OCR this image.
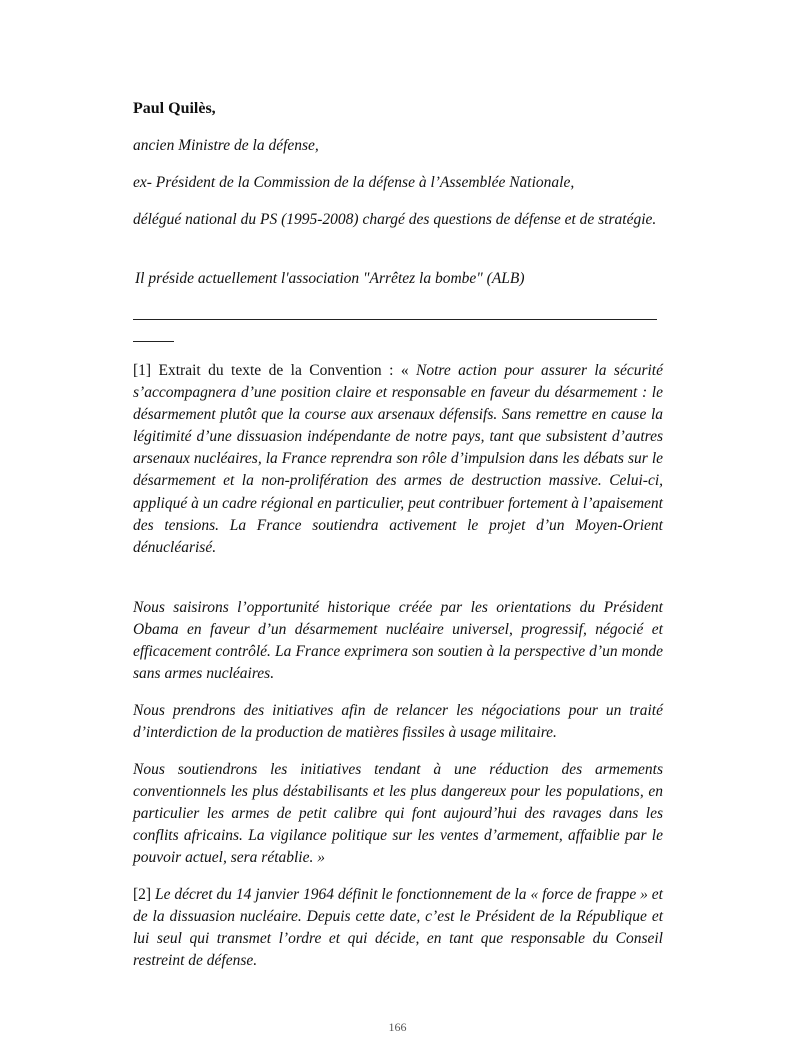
Paul Quilès,

ancien Ministre de la défense,

ex- Président de la Commission de la défense à l’Assemblée Nationale,

délégué national du PS (1995-2008) chargé des questions de défense et de stratégie.

Il préside actuellement l'association "Arrêtez la bombe" (ALB)

[1] Extrait du texte de la Convention : « Notre action pour assurer la sécurité s’accompagnera d’une position claire et responsable en faveur du désarmement : le désarmement plutôt que la course aux arsenaux défensifs. Sans remettre en cause la légitimité d’une dissuasion indépendante de notre pays, tant que subsistent d’autres arsenaux nucléaires, la France reprendra son rôle d’impulsion dans les débats sur le désarmement et la non-prolifération des armes de destruction massive. Celui-ci, appliqué à un cadre régional en particulier, peut contribuer fortement à l’apaisement des tensions. La France soutiendra activement le projet d’un Moyen-Orient dénucléarisé.

Nous saisirons l’opportunité historique créée par les orientations du Président Obama en faveur d’un désarmement nucléaire universel, progressif, négocié et efficacement contrôlé. La France exprimera son soutien à la perspective d’un monde sans armes nucléaires.

Nous prendrons des initiatives afin de relancer les négociations pour un traité d’interdiction de la production de matières fissiles à usage militaire.

Nous soutiendrons les initiatives tendant à une réduction des armements conventionnels les plus déstabilisants et les plus dangereux pour les populations, en particulier les armes de petit calibre qui font aujourd’hui des ravages dans les conflits africains. La vigilance politique sur les ventes d’armement, affaiblie par le pouvoir actuel, sera rétablie. »

[2] Le décret du 14 janvier 1964 définit le fonctionnement de la « force de frappe » et de la dissuasion nucléaire. Depuis cette date, c’est le Président de la République et lui seul qui transmet l’ordre et qui décide, en tant que responsable du Conseil restreint de défense.

166
